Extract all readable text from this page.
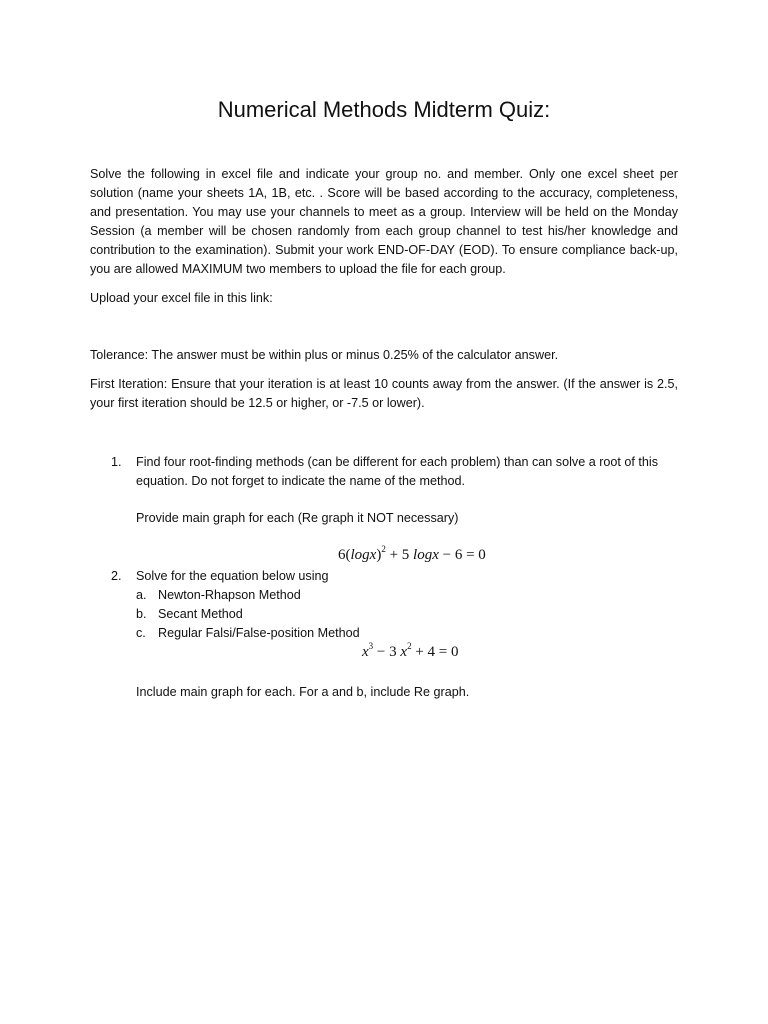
Numerical Methods Midterm Quiz:

Solve the following in excel file and indicate your group no. and member. Only one excel sheet per solution (name your sheets 1A, 1B, etc. . Score will be based according to the accuracy, completeness, and presentation. You may use your channels to meet as a group. Interview will be held on the Monday Session (a member will be chosen randomly from each group channel to test his/her knowledge and contribution to the examination). Submit your work END-OF-DAY (EOD). To ensure compliance back-up, you are allowed MAXIMUM two members to upload the file for each group.

Upload your excel file in this link:

Tolerance: The answer must be within plus or minus 0.25% of the calculator answer.

First Iteration: Ensure that your iteration is at least 10 counts away from the answer. (If the answer is 2.5, your first iteration should be 12.5 or higher, or -7.5 or lower).

1. Find four root-finding methods (can be different for each problem) than can solve a root of this equation. Do not forget to indicate the name of the method.

Provide main graph for each (Re graph it NOT necessary)

$6(\log x)^2 + 5$ logx − 6 = 0
2. Solve for the equation below using

a. Newton-Rhapson Method
b. Secant Method
c. Regular Falsi/False-position Method
$x^3 - 3$ $x^2 + 4 = 0$

Include main graph for each. For a and b, include Re graph.
